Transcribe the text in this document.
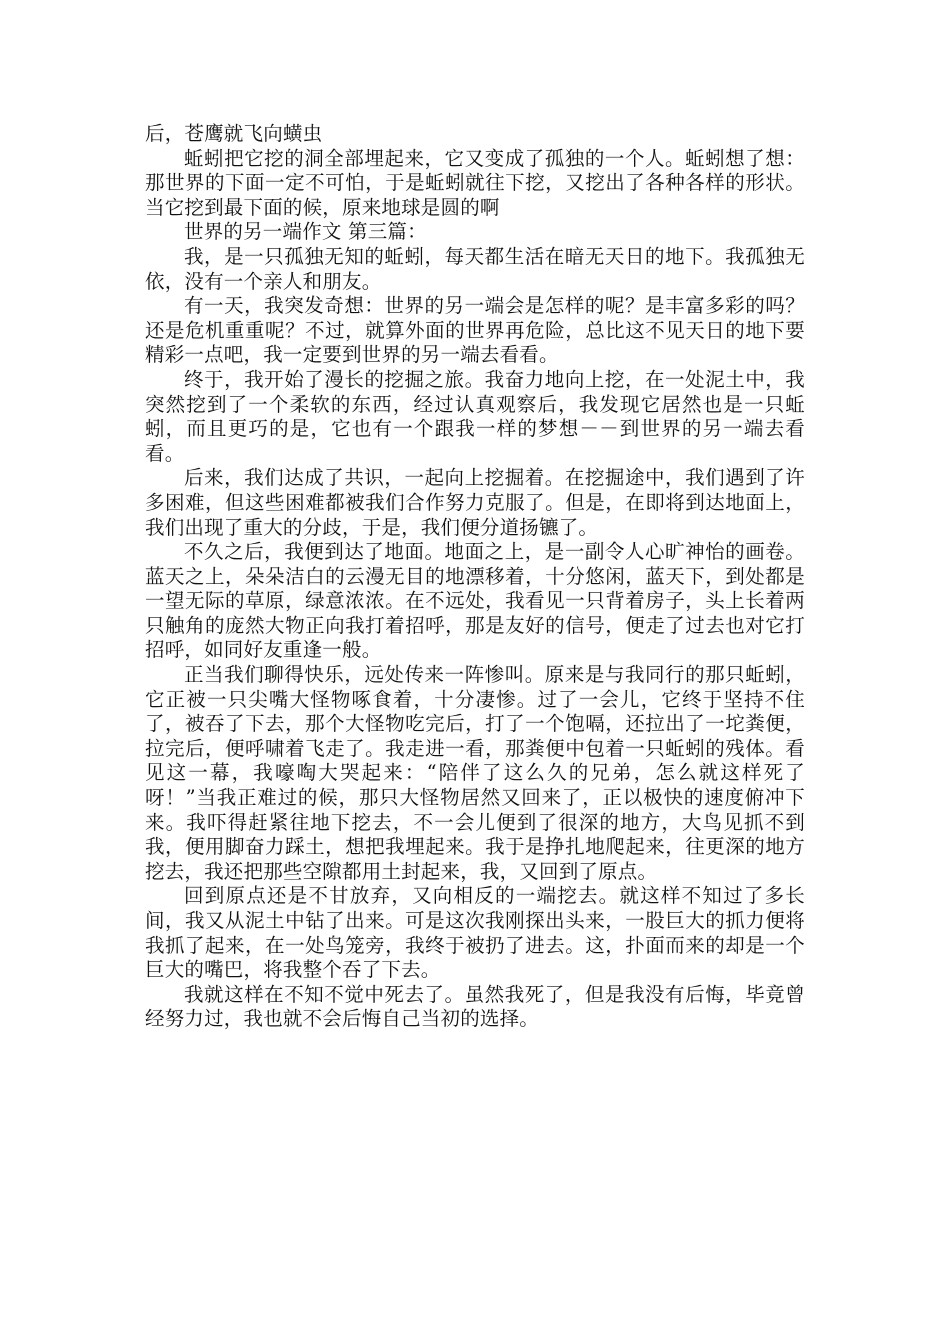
后，苍鹰就飞向蟥虫

蚯蚓把它挖的洞全部埋起来，它又变成了孤独的一个人。蚯蚓想了想：那世界的下面一定不可怕，于是蚯蚓就往下挖，又挖出了各种各样的形状。当它挖到最下面的候，原来地球是圆的啊

世界的另一端作文 第三篇：

我，是一只孤独无知的蚯蚓，每天都生活在暗无天日的地下。我孤独无依，没有一个亲人和朋友。

有一天，我突发奇想：世界的另一端会是怎样的呢？是丰富多彩的吗？还是危机重重呢？不过，就算外面的世界再危险，总比这不见天日的地下要精彩一点吧，我一定要到世界的另一端去看看。

终于，我开始了漫长的挖掘之旅。我奋力地向上挖，在一处泥土中，我突然挖到了一个柔软的东西，经过认真观察后，我发现它居然也是一只蚯蚓，而且更巧的是，它也有一个跟我一样的梦想－－到世界的另一端去看看。

后来，我们达成了共识，一起向上挖掘着。在挖掘途中，我们遇到了许多困难，但这些困难都被我们合作努力克服了。但是，在即将到达地面上，我们出现了重大的分歧，于是，我们便分道扬镳了。

不久之后，我便到达了地面。地面之上，是一副令人心旷神怡的画卷。蓝天之上，朵朵洁白的云漫无目的地漂移着，十分悠闲，蓝天下，到处都是一望无际的草原，绿意浓浓。在不远处，我看见一只背着房子，头上长着两只触角的庞然大物正向我打着招呼，那是友好的信号，便走了过去也对它打招呼，如同好友重逢一般。

正当我们聊得快乐，远处传来一阵惨叫。原来是与我同行的那只蚯蚓，它正被一只尖嘴大怪物啄食着，十分凄惨。过了一会儿，它终于坚持不住了，被吞了下去，那个大怪物吃完后，打了一个饱嗝，还拉出了一坨粪便，拉完后，便呼啸着飞走了。我走进一看，那粪便中包着一只蚯蚓的残体。看见这一幕，我嚎啕大哭起来：“陪伴了这么久的兄弟，怎么就这样死了呀！”当我正难过的候，那只大怪物居然又回来了，正以极快的速度俯冲下来。我吓得赶紧往地下挖去，不一会儿便到了很深的地方，大鸟见抓不到我，便用脚奋力踩土，想把我埋起来。我于是挣扎地爬起来，往更深的地方挖去，我还把那些空隙都用土封起来，我，又回到了原点。

回到原点还是不甘放弃，又向相反的一端挖去。就这样不知过了多长间，我又从泥土中钻了出来。可是这次我刚探出头来，一股巨大的抓力便将我抓了起来，在一处鸟笼旁，我终于被扔了进去。这，扑面而来的却是一个巨大的嘴巴，将我整个吞了下去。

我就这样在不知不觉中死去了。虽然我死了，但是我没有后悔，毕竟曾经努力过，我也就不会后悔自己当初的选择。
